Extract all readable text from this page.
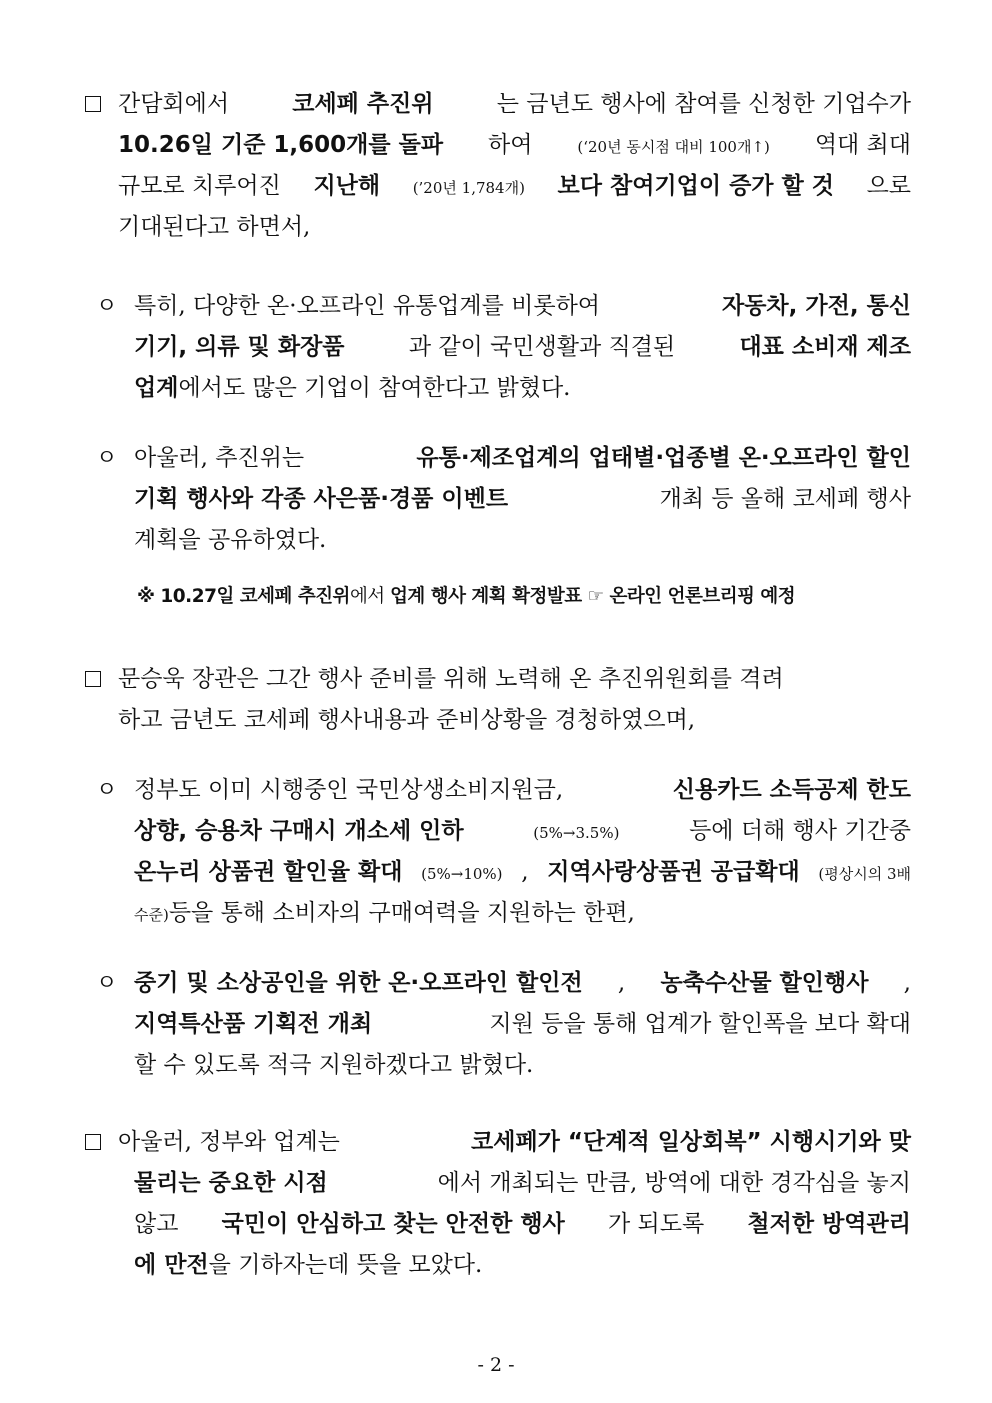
간담회에서	코세페 추진위	는 금년도 행사에 참여를 신청한 기업수가
10.26일 기준 1,600개를 돌파 하여	(‘20년 동시점 대비 100개↑) 역대 최대
규모로 치루어진 지난해 (’20년 1,784개) 보다 참여기업이 증가 할 것 으로
기대된다고 하면서,
ㅇ 특히, 다양한 온·오프라인 유통업계를 비롯하여	자동차, 가전, 통신
기기, 의류 및 화장품	과 같이 국민생활과 직결된	대표 소비재 제조
업계 에서도 많은 기업이 참여한다고 밝혔다.
ㅇ 아울러, 추진위는	유통·제조업계의 업태별·업종별 온·오프라인 할인
기획 행사와 각종 사은품·경품 이벤트	개최 등 올해 코세페 행사
계획을 공유하였다.
※ 10.27일 코세페 추진위에서 업계 행사 계획 확정발표 ☞ 온라인 언론브리핑 예정
문승욱 장관은 그간 행사 준비를 위해 노력해 온 추진위원회를 격려
하고 금년도 코세페 행사내용과 준비상황을 경청하였으며,
ㅇ 정부도 이미 시행중인 국민상생소비지원금,	신용카드 소득공제 한도
상향, 승용차 구매시 개소세 인하	(5%→3.5%)	등에 더해 행사 기간중
온누리 상품권 할인율 확대 (5%→10%) , 지역사랑상품권 공급확대 (평상시의 3배
수준) 등을 통해 소비자의 구매여력을 지원하는 한편,
ㅇ 중기 및 소상공인을 위한 온·오프라인 할인전 , 농축수산물 할인행사 ,
지역특산품 기획전 개최	지원 등을 통해 업계가 할인폭을 보다 확대
할 수 있도록 적극 지원하겠다고 밝혔다.
아울러, 정부와 업계는	코세페가 “단계적 일상회복” 시행시기와 맞
물리는 중요한 시점	에서 개최되는 만큼, 방역에 대한 경각심을 놓지
않고 국민이 안심하고 찾는 안전한 행사 가 되도록 철저한 방역관리
에 만전 을 기하자는데 뜻을 모았다.
- 2 -
